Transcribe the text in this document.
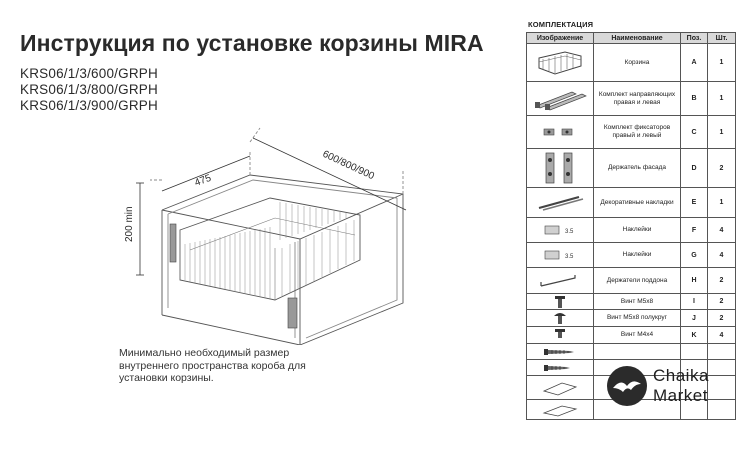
Инструкция по установке корзины MIRA
KRS06/1/3/600/GRPH
KRS06/1/3/800/GRPH
KRS06/1/3/900/GRPH
600/800/900
475
200 min
Минимально необходимый размер внутреннего пространства короба для установки корзины.
КОМПЛЕКТАЦИЯ
Изображение	Наименование	Поз.	Шт.

	Корзина	A	1

	Комплект направляющих правая и левая	B	1

	Комплект фиксаторов правый и левый	C	1

	Держатель фасада	D	2

	Декоративные накладки	E	1

3.5	Наклейки	F	4

3.5	Наклейки	G	4

	Держатели поддона	H	2

	Винт М5х8	I	2

	Винт М5х8 полукруг	J	2

	Винт М4х4	K	4

Chaika
Market
